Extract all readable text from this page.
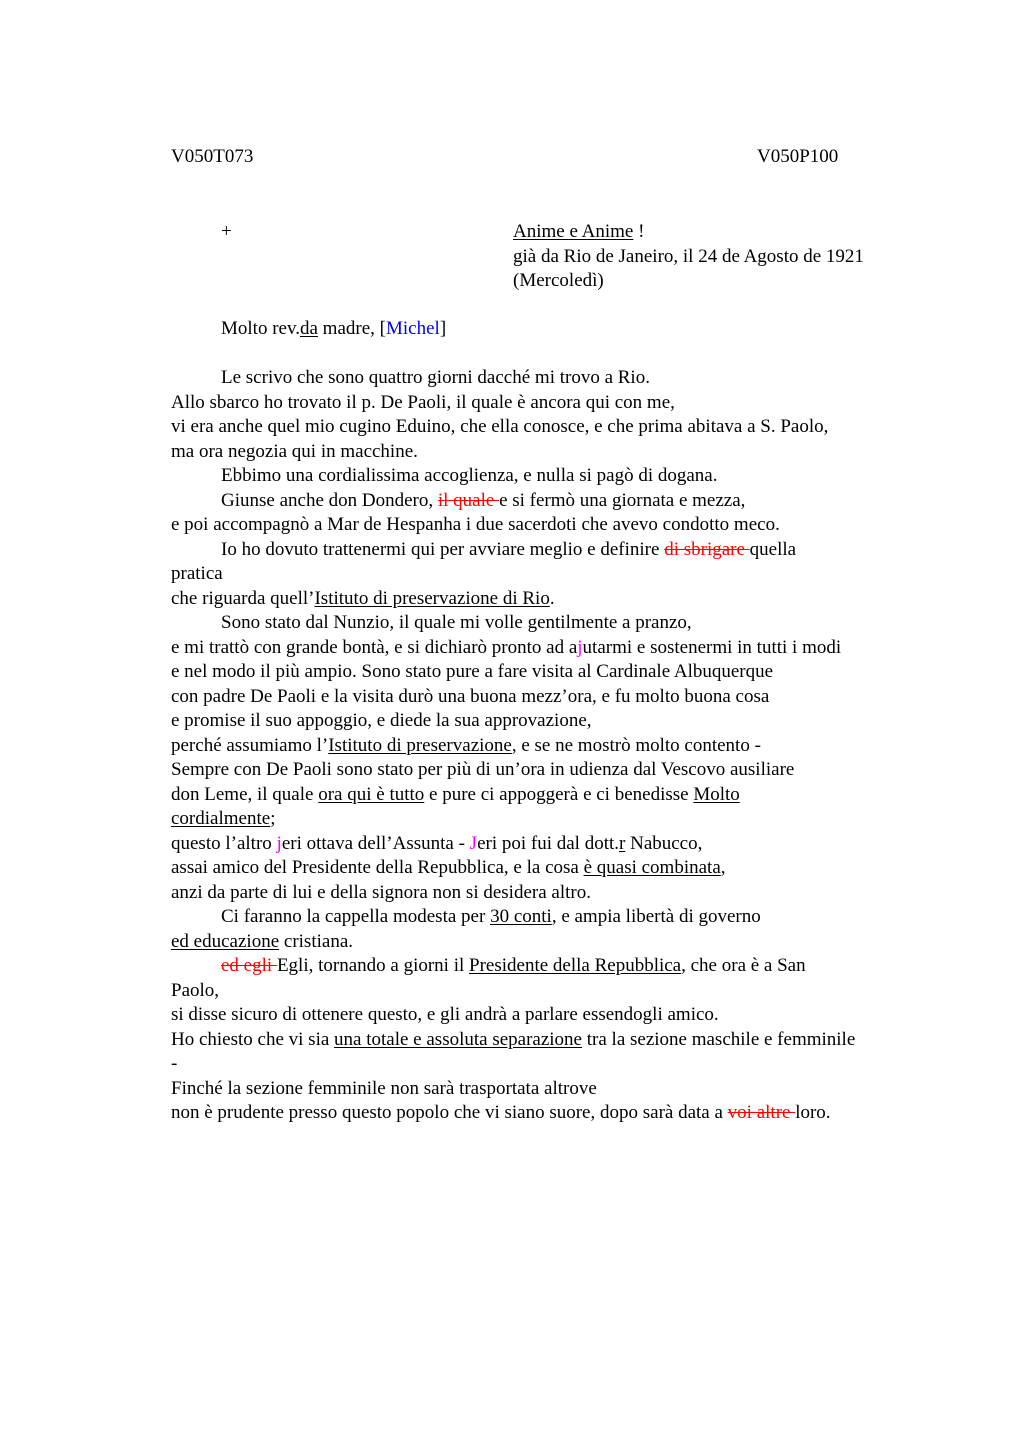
V050T073	V050P100

+	Anime e Anime !
già da Rio de Janeiro, il 24 de Agosto de 1921
(Mercoledì)
Molto rev.da madre, [Michel]
Le scrivo che sono quattro giorni dacché mi trovo a Rio.
Allo sbarco ho trovato il p. De Paoli, il quale è ancora qui con me,
vi era anche quel mio cugino Eduino, che ella conosce, e che prima abitava a S. Paolo,
ma ora negozia qui in macchine.
Ebbimo una cordialissima accoglienza, e nulla si pagò di dogana.
Giunse anche don Dondero, il quale e si fermò una giornata e mezza,
e poi accompagnò a Mar de Hespanha i due sacerdoti che avevo condotto meco.
Io ho dovuto trattenermi qui per avviare meglio e definire di sbrigare quella
pratica
che riguarda quell’Istituto di preservazione di Rio.
Sono stato dal Nunzio, il quale mi volle gentilmente a pranzo,
e mi trattò con grande bontà, e si dichiarò pronto ad ajutarmi e sostenermi in tutti i modi
e nel modo il più ampio. Sono stato pure a fare visita al Cardinale Albuquerque
con padre De Paoli e la visita durò una buona mezz’ora, e fu molto buona cosa
e promise il suo appoggio, e diede la sua approvazione,
perché assumiamo l’Istituto di preservazione, e se ne mostrò molto contento -
Sempre con De Paoli sono stato per più di un’ora in udienza dal Vescovo ausiliare
don Leme, il quale ora qui è tutto e pure ci appoggerà e ci benedisse Molto
cordialmente;
questo l’altro jeri ottava dell’Assunta - Jeri poi fui dal dott.r Nabucco,
assai amico del Presidente della Repubblica, e la cosa è quasi combinata,
anzi da parte di lui e della signora non si desidera altro.
Ci faranno la cappella modesta per 30 conti, e ampia libertà di governo
ed educazione cristiana.
ed egli Egli, tornando a giorni il Presidente della Repubblica, che ora è a San
Paolo,
si disse sicuro di ottenere questo, e gli andrà a parlare essendogli amico.
Ho chiesto che vi sia una totale e assoluta separazione tra la sezione maschile e femminile
-
Finché la sezione femminile non sarà trasportata altrove
non è prudente presso questo popolo che vi siano suore, dopo sarà data a voi altre loro.
